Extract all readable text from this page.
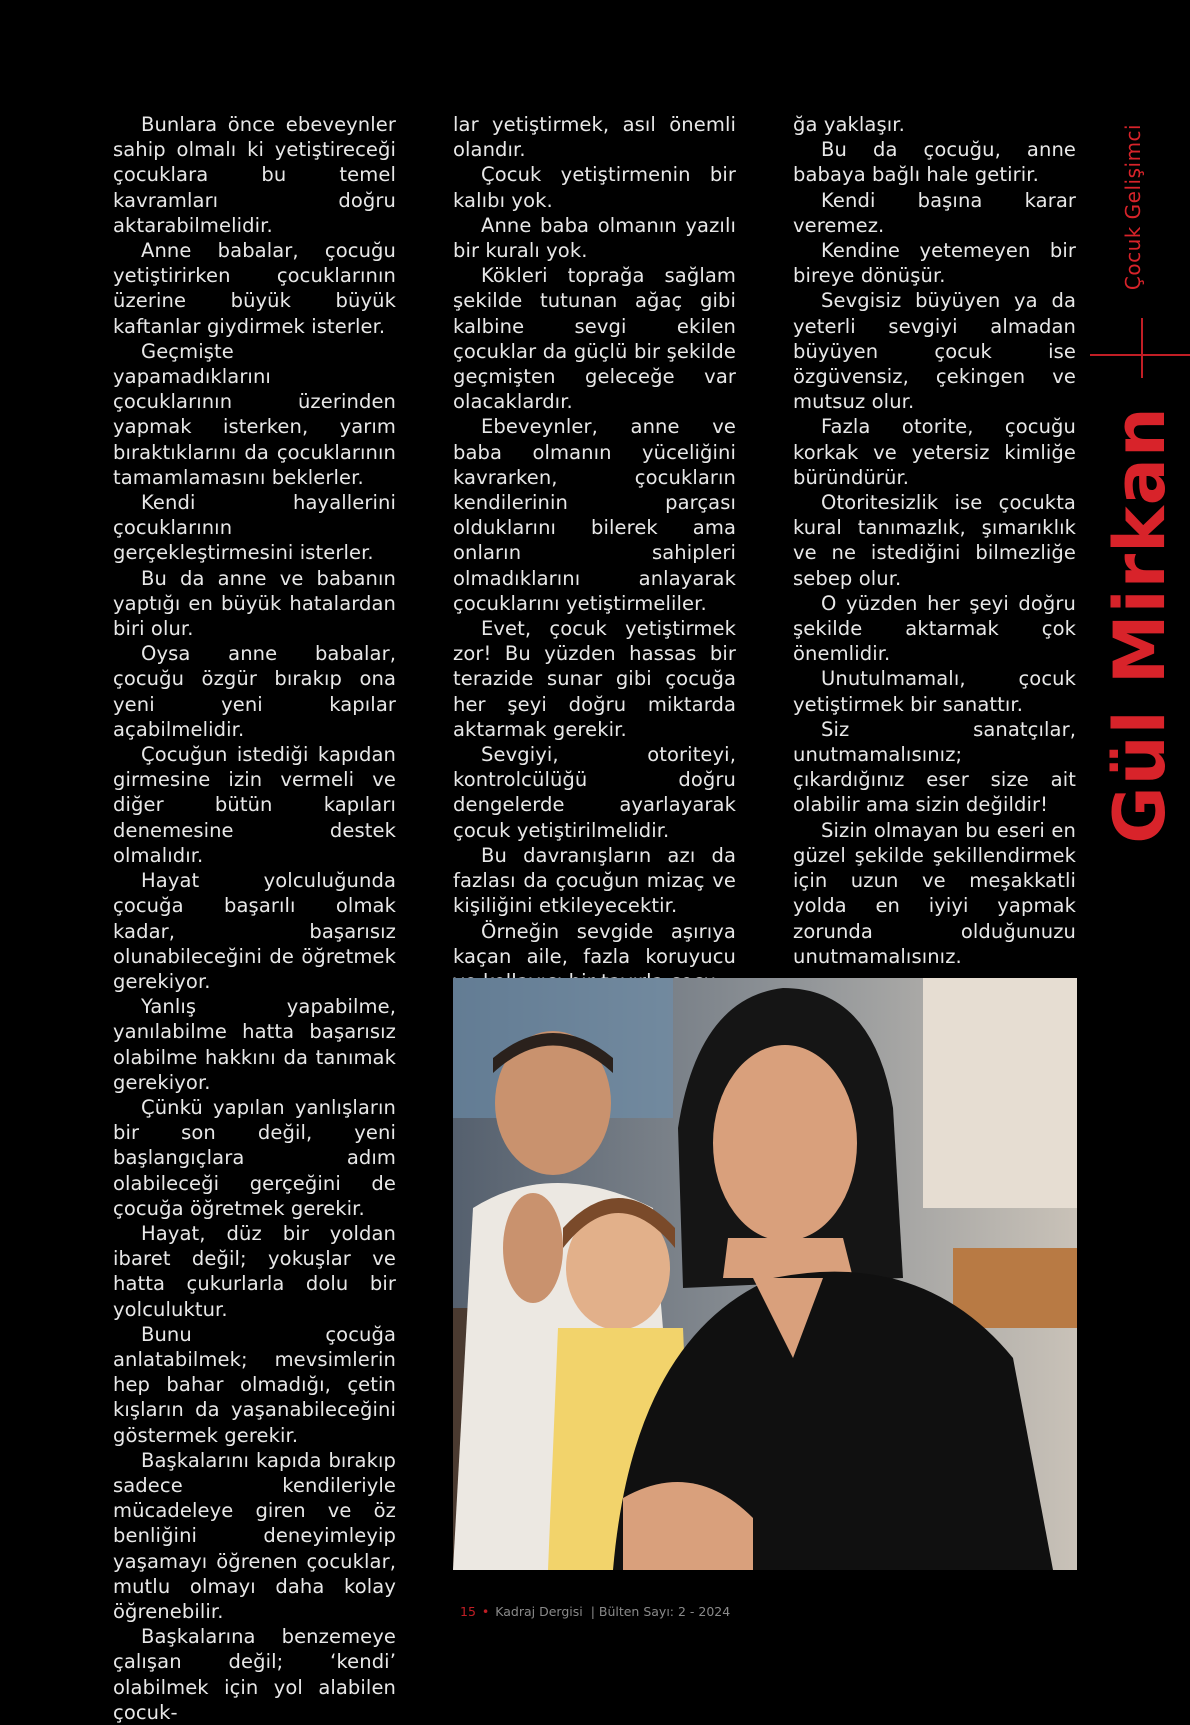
Bunlara önce ebeveynler sahip olmalı ki yetiştireceği çocuklara bu temel kavramları doğru aktarabilmelidir.

Anne babalar, çocuğu yetiştirirken çocuklarının üzerine büyük büyük kaftanlar giydirmek isterler.

Geçmişte yapamadıklarını çocuklarının üzerinden yapmak isterken, yarım bıraktıklarını da çocuklarının tamamlamasını beklerler.

Kendi hayallerini çocuklarının gerçekleştirmesini isterler.

Bu da anne ve babanın yaptığı en büyük hatalardan biri olur.

Oysa anne babalar, çocuğu özgür bırakıp ona yeni yeni kapılar açabilmelidir.

Çocuğun istediği kapıdan girmesine izin vermeli ve diğer bütün kapıları denemesine destek olmalıdır.

Hayat yolculuğunda çocuğa başarılı olmak kadar, başarısız olunabileceğini de öğretmek gerekiyor.

Yanlış yapabilme, yanılabilme hatta başarısız olabilme hakkını da tanımak gerekiyor.

Çünkü yapılan yanlışların bir son değil, yeni başlangıçlara adım olabileceği gerçeğini de çocuğa öğretmek gerekir.

Hayat, düz bir yoldan ibaret değil; yokuşlar ve hatta çukurlarla dolu bir yolculuktur.

Bunu çocuğa anlatabilmek; mevsimlerin hep bahar olmadığı, çetin kışların da yaşanabileceğini göstermek gerekir.

Başkalarını kapıda bırakıp sadece kendileriyle mücadeleye giren ve öz benliğini deneyimleyip yaşamayı öğrenen çocuklar, mutlu olmayı daha kolay öğrenebilir.

Başkalarına benzemeye çalışan değil; ‘kendi’ olabilmek için yol alabilen çocuk-

lar yetiştirmek, asıl önemli olandır.

Çocuk yetiştirmenin bir kalıbı yok.

Anne baba olmanın yazılı bir kuralı yok.

Kökleri toprağa sağlam şekilde tutunan ağaç gibi kalbine sevgi ekilen çocuklar da güçlü bir şekilde geçmişten geleceğe var olacaklardır.

Ebeveynler, anne ve baba olmanın yüceliğini kavrarken, çocukların kendilerinin parçası olduklarını bilerek ama onların sahipleri olmadıklarını anlayarak çocuklarını yetiştirmeliler.

Evet, çocuk yetiştirmek zor! Bu yüzden hassas bir terazide sunar gibi çocuğa her şeyi doğru miktarda aktarmak gerekir.

Sevgiyi, otoriteyi, kontrolcülüğü doğru dengelerde ayarlayarak çocuk yetiştirilmelidir.

Bu davranışların azı da fazlası da çocuğun mizaç ve kişiliğini etkileyecektir.

Örneğin sevgide aşırıya kaçan aile, fazla koruyucu

ğa yaklaşır.

Bu da çocuğu, anne babaya bağlı hale getirir.

Kendi başına karar veremez.

Kendine yetemeyen bir bireye dönüşür.

Sevgisiz büyüyen ya da yeterli sevgiyi almadan büyüyen çocuk ise özgüvensiz, çekingen ve mutsuz olur.

Fazla otorite, çocuğu korkak ve yetersiz kimliğe büründürür.

Otoritesizlik ise çocukta kural tanımazlık, şımarıklık ve ne istediğini bilmezliğe sebep olur.

O yüzden her şeyi doğru şekilde aktarmak çok önemlidir.

Unutulmamalı, çocuk yetiştirmek bir sanattır.

Siz sanatçılar, unutmamalısınız; çıkardığınız eser size ait olabilir ama sizin değildir!

Sizin olmayan bu eseri en güzel şekilde şekillendirmek için uzun ve meşakkatli yolda en iyiyi yapmak zorunda olduğunuzu unutmamalısınız.

Çocuk Gelişimci
Gül Mirkan
15 • Kadraj Dergisi | Bülten Sayı: 2 - 2024
